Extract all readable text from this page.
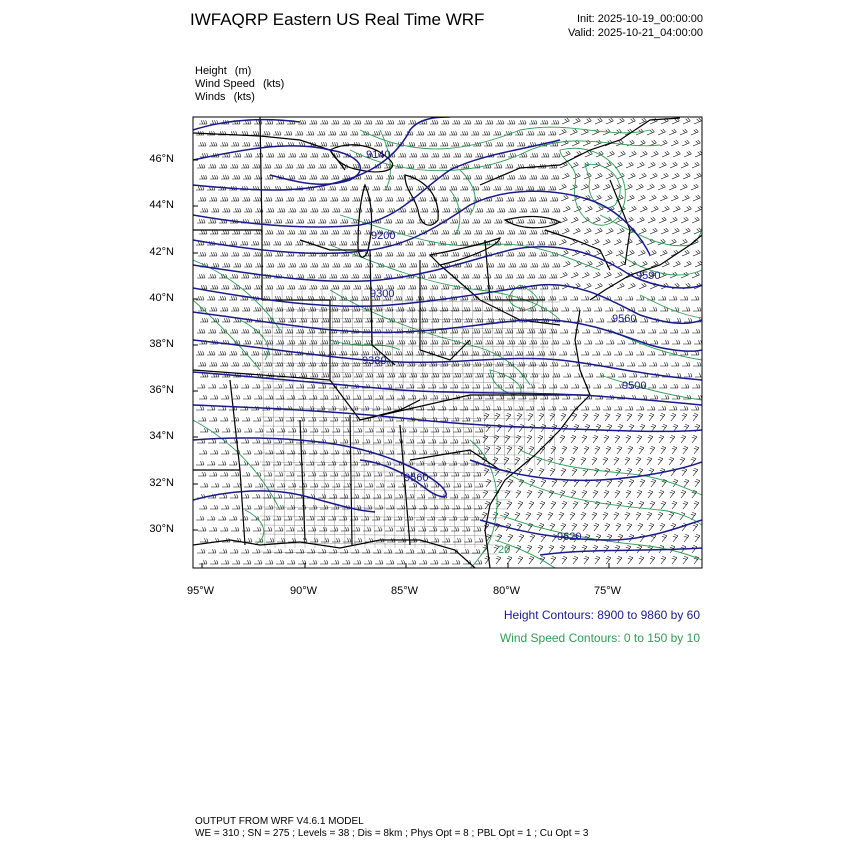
IWFAQRP Eastern US Real Time WRF	Init: 2025-10-19_00:00:00
Valid: 2025-10-21_04:00:00
Height (m)
Wind Speed (kts)
Winds (kts)
9140
9200
9300
9380
9560
9500
9560
9620
9590
20
46°N
44°N
42°N
40°N
38°N
36°N
34°N
32°N
30°N
95°W	90°W	85°W	80°W	75°W
Height Contours: 8900 to 9860 by 60
Wind Speed Contours: 0 to 150 by 10
OUTPUT FROM WRF V4.6.1 MODEL
WE = 310 ; SN = 275 ; Levels = 38 ; Dis = 8km ; Phys Opt = 8 ; PBL Opt = 1 ; Cu Opt = 3
